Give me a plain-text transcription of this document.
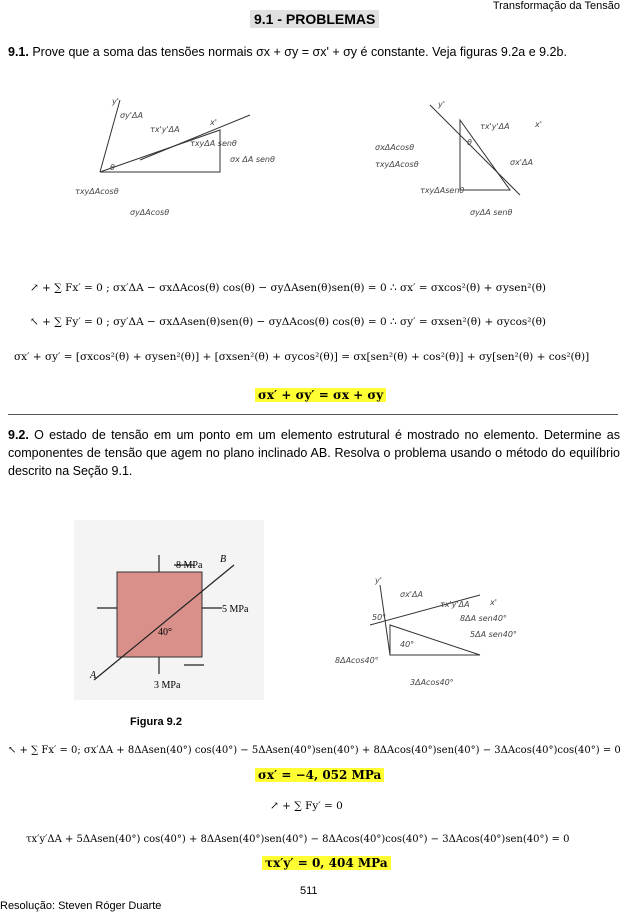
Transformação da Tensão
9.1 - PROBLEMAS
9.1. Prove que a soma das tensões normais σx + σy = σx' + σy é constante. Veja figuras 9.2a e 9.2b.
y'
x'
σy'ΔA
τx'y'ΔA
τxyΔA senθ
σx ΔA senθ
θ
τxyΔAcosθ
σyΔAcosθ
y'
τx'y'ΔA	x'
σxΔAcosθ
τxyΔAcosθ
θ
σx'ΔA
τxyΔAsenθ
σyΔA senθ
↗ + ∑ Fx′ = 0 ; σx′ΔA − σxΔAcos(θ) cos(θ) − σyΔAsen(θ)sen(θ) = 0 ∴ σx′ = σxcos²(θ) + σysen²(θ)
↖ + ∑ Fy′ = 0 ; σy′ΔA − σxΔAsen(θ)sen(θ) − σyΔAcos(θ) cos(θ) = 0 ∴ σy′ = σxsen²(θ) + σycos²(θ)
σx′ + σy′ = [σxcos²(θ) + σysen²(θ)] + [σxsen²(θ) + σycos²(θ)] = σx[sen²(θ) + cos²(θ)] + σy[sen²(θ) + cos²(θ)]
σx′ + σy′ = σx + σy
9.2. O estado de tensão em um ponto em um elemento estrutural é mostrado no elemento. Determine as componentes de tensão que agem no plano inclinado AB. Resolva o problema usando o método do equilíbrio descrito na Seção 9.1.
8 MPa
5 MPa
3 MPa
40°
A
B
Figura 9.2
y'
σx'ΔA
τx'y'ΔA	x'
50°	8ΔA sen40°
5ΔA sen40°
40°
8ΔAcos40°
3ΔAcos40°
↖ + ∑ Fx′ = 0; σx′ΔA + 8ΔAsen(40°) cos(40°) − 5ΔAsen(40°)sen(40°) + 8ΔAcos(40°)sen(40°) − 3ΔAcos(40°)cos(40°) = 0
σx′ = −4, 052 MPa
↗ + ∑ Fy′ = 0
τx′y′ΔA + 5ΔAsen(40°) cos(40°) + 8ΔAsen(40°)sen(40°) − 8ΔAcos(40°)cos(40°) − 3ΔAcos(40°)sen(40°) = 0
τx′y′ = 0, 404 MPa
511
Resolução: Steven Róger Duarte
